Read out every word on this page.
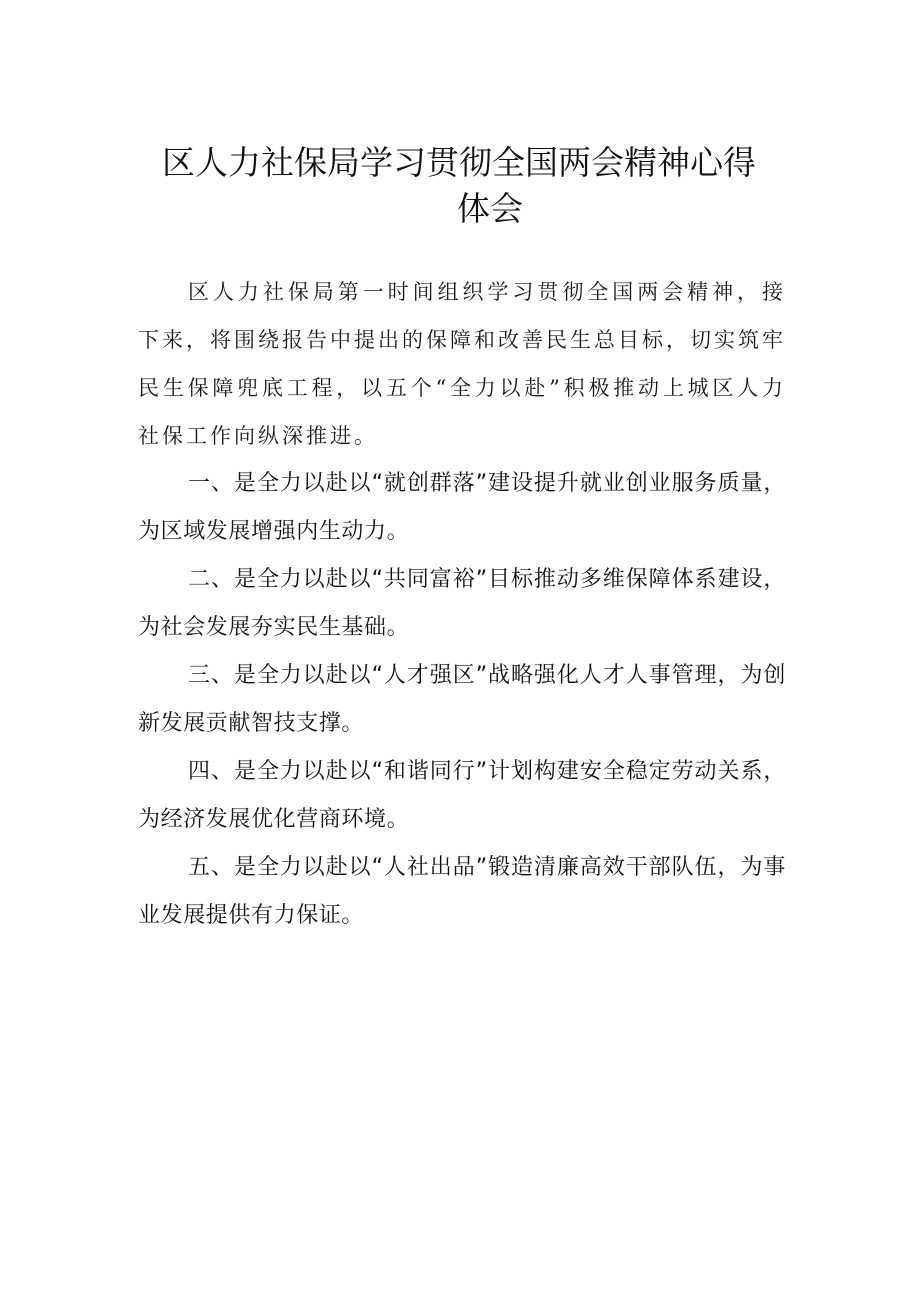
区人力社保局学习贯彻全国两会精神心得
体会

区人力社保局第一时间组织学习贯彻全国两会精神，接下来，将围绕报告中提出的保障和改善民生总目标，切实筑牢民生保障兜底工程，以五个“全力以赴”积极推动上城区人力社保工作向纵深推进。

一、是全力以赴以“就创群落”建设提升就业创业服务质量，为区域发展增强内生动力。

二、是全力以赴以“共同富裕”目标推动多维保障体系建设，为社会发展夯实民生基础。

三、是全力以赴以“人才强区”战略强化人才人事管理，为创新发展贡献智技支撑。

四、是全力以赴以“和谐同行”计划构建安全稳定劳动关系，为经济发展优化营商环境。

五、是全力以赴以“人社出品”锻造清廉高效干部队伍，为事业发展提供有力保证。
